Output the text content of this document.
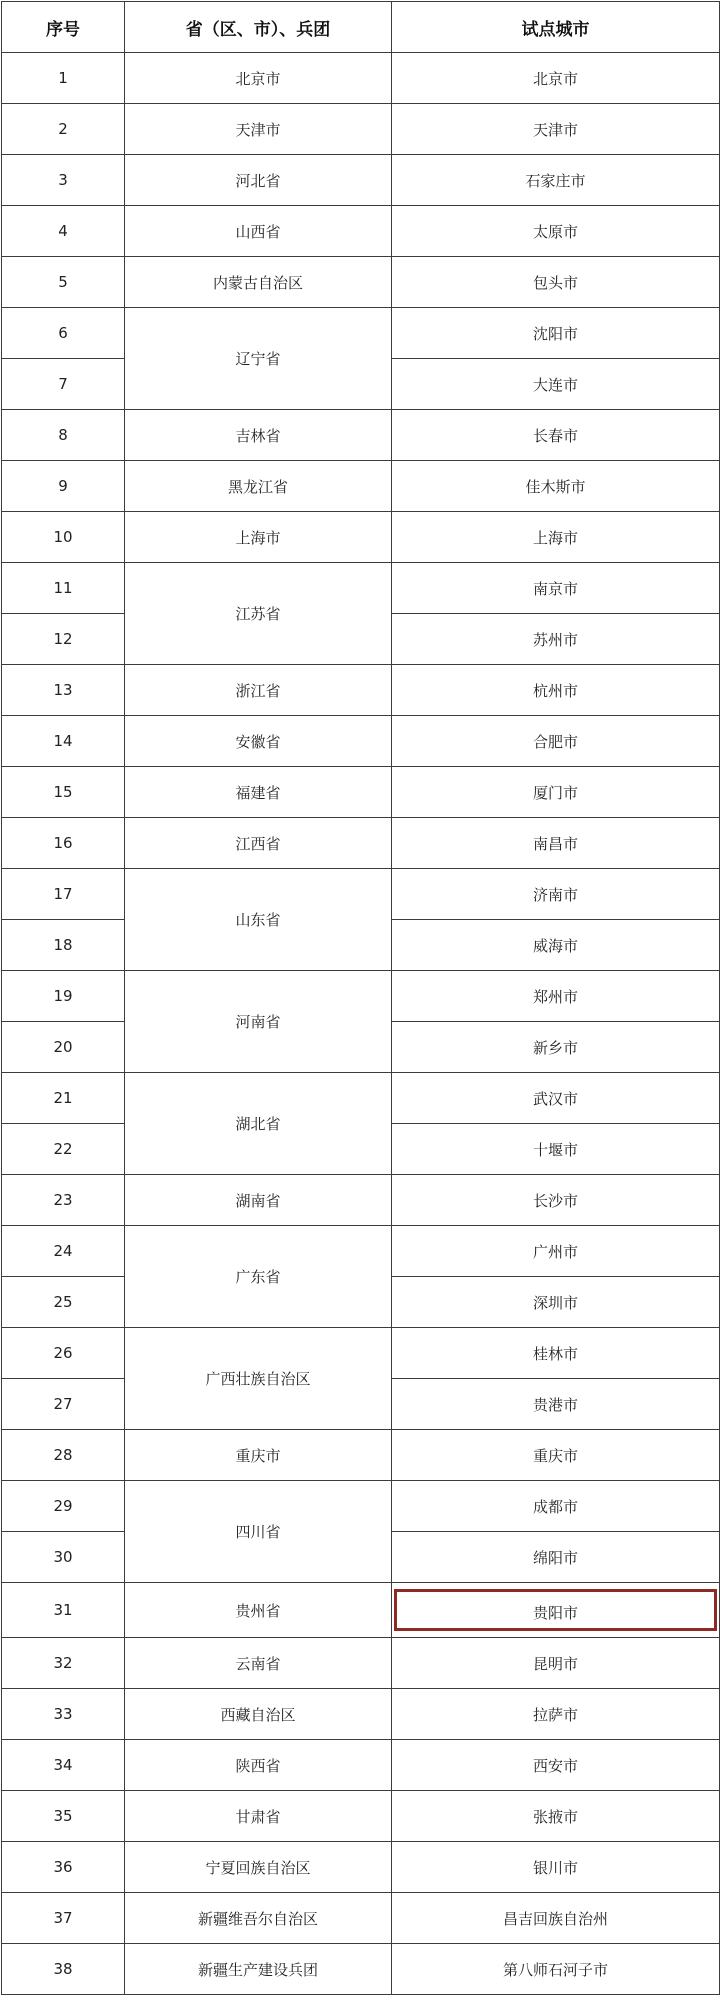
序号	省（区、市）、兵团	试点城市
1	北京市	北京市
2	天津市	天津市
3	河北省	石家庄市
4	山西省	太原市
5	内蒙古自治区	包头市
6	辽宁省	沈阳市
7		大连市
8	吉林省	长春市
9	黑龙江省	佳木斯市
10	上海市	上海市
11	江苏省	南京市
12		苏州市
13	浙江省	杭州市
14	安徽省	合肥市
15	福建省	厦门市
16	江西省	南昌市
17	山东省	济南市
18		威海市
19	河南省	郑州市
20		新乡市
21	湖北省	武汉市
22		十堰市
23	湖南省	长沙市
24	广东省	广州市
25		深圳市
26	广西壮族自治区	桂林市
27		贵港市
28	重庆市	重庆市
29	四川省	成都市
30		绵阳市
31	贵州省	贵阳市

32	云南省	昆明市
33	西藏自治区	拉萨市
34	陕西省	西安市
35	甘肃省	张掖市
36	宁夏回族自治区	银川市
37	新疆维吾尔自治区	昌吉回族自治州
38	新疆生产建设兵团	第八师石河子市
